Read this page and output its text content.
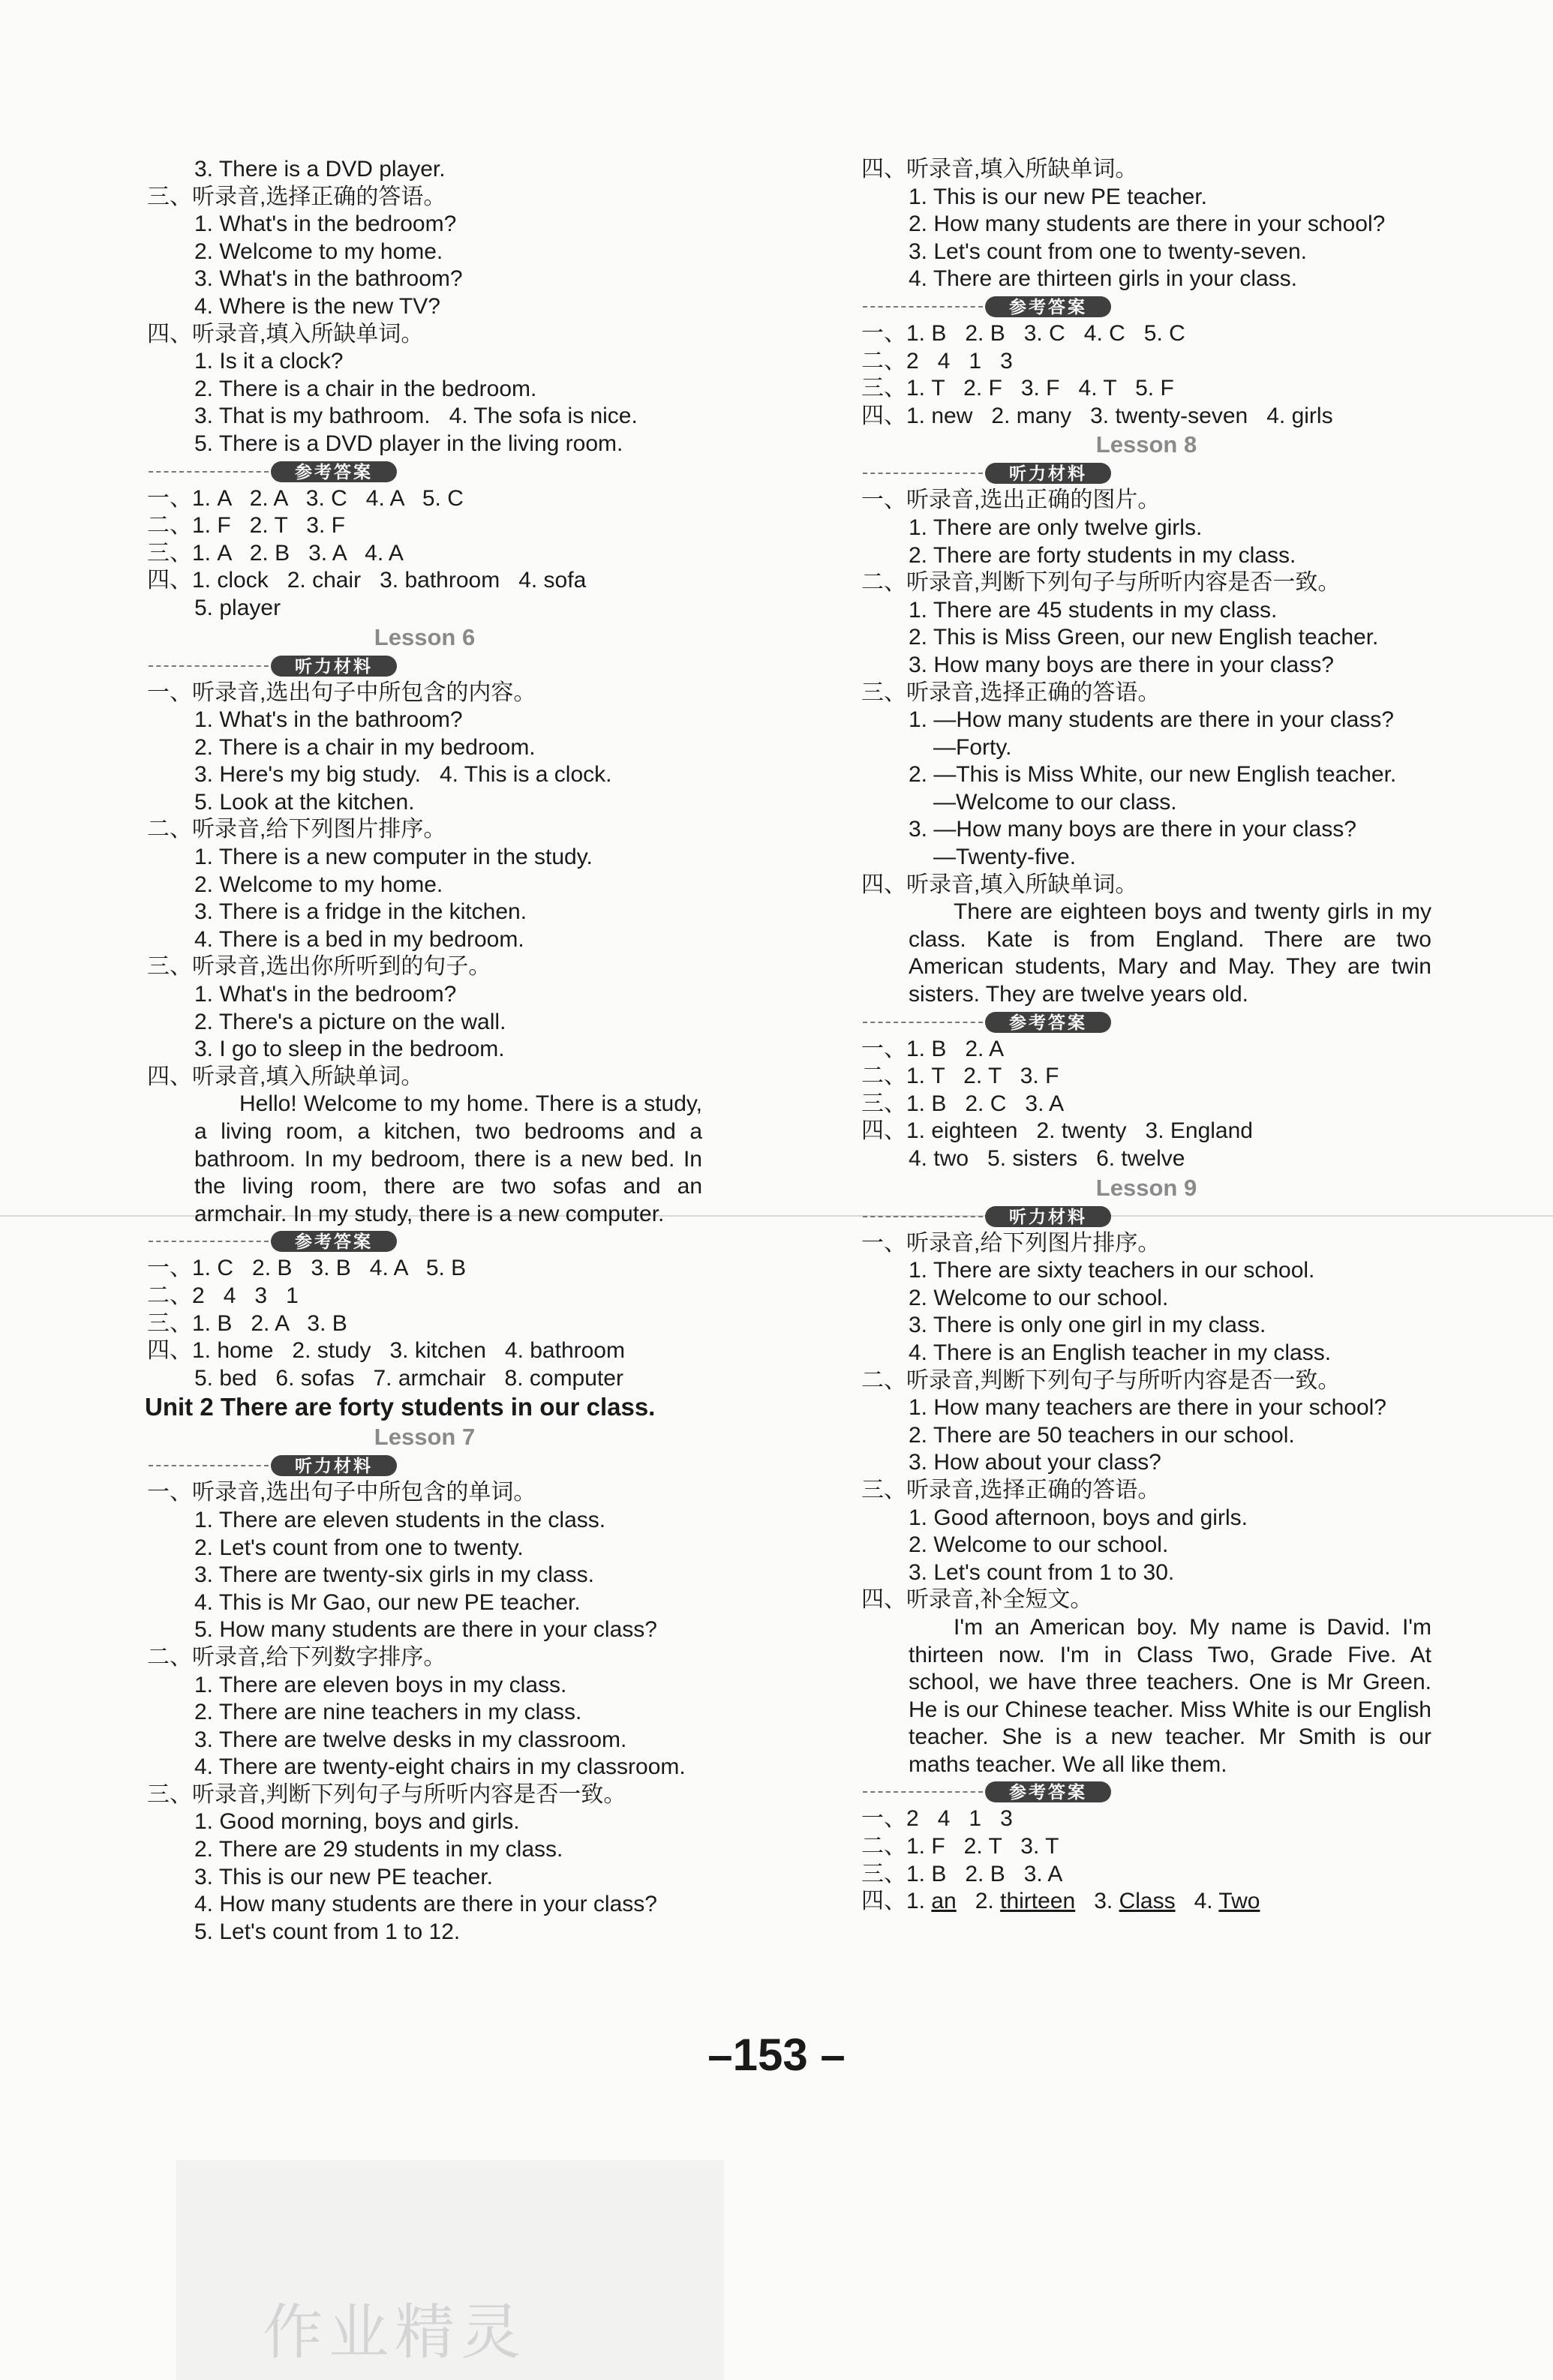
3. There is a DVD player.
三、听录音,选择正确的答语。
1. What's in the bedroom?
2. Welcome to my home.
3. What's in the bathroom?
4. Where is the new TV?
四、听录音,填入所缺单词。
1. Is it a clock?
2. There is a chair in the bedroom.
3. That is my bathroom.   4. The sofa is nice.
5. There is a DVD player in the living room.
参考答案
一、1. A   2. A   3. C   4. A   5. C
二、1. F   2. T   3. F
三、1. A   2. B   3. A   4. A
四、1. clock   2. chair   3. bathroom   4. sofa
5. player
Lesson 6
听力材料
一、听录音,选出句子中所包含的内容。
1. What's in the bathroom?
2. There is a chair in my bedroom.
3. Here's my big study.   4. This is a clock.
5. Look at the kitchen.
二、听录音,给下列图片排序。
1. There is a new computer in the study.
2. Welcome to my home.
3. There is a fridge in the kitchen.
4. There is a bed in my bedroom.
三、听录音,选出你所听到的句子。
1. What's in the bedroom?
2. There's a picture on the wall.
3. I go to sleep in the bedroom.
四、听录音,填入所缺单词。
Hello! Welcome to my home. There is a study, a living room, a kitchen, two bedrooms and a bathroom. In my bedroom, there is a new bed. In the living room, there are two sofas and an armchair. In my study, there is a new computer.
参考答案
一、1. C   2. B   3. B   4. A   5. B
二、2   4   3   1
三、1. B   2. A   3. B
四、1. home   2. study   3. kitchen   4. bathroom
5. bed   6. sofas   7. armchair   8. computer
Unit 2 There are forty students in our class.
Lesson 7
听力材料
一、听录音,选出句子中所包含的单词。
1. There are eleven students in the class.
2. Let's count from one to twenty.
3. There are twenty-six girls in my class.
4. This is Mr Gao, our new PE teacher.
5. How many students are there in your class?
二、听录音,给下列数字排序。
1. There are eleven boys in my class.
2. There are nine teachers in my class.
3. There are twelve desks in my classroom.
4. There are twenty-eight chairs in my classroom.
三、听录音,判断下列句子与所听内容是否一致。
1. Good morning, boys and girls.
2. There are 29 students in my class.
3. This is our new PE teacher.
4. How many students are there in your class?
5. Let's count from 1 to 12.
四、听录音,填入所缺单词。
1. This is our new PE teacher.
2. How many students are there in your school?
3. Let's count from one to twenty-seven.
4. There are thirteen girls in your class.
参考答案
一、1. B   2. B   3. C   4. C   5. C
二、2   4   1   3
三、1. T   2. F   3. F   4. T   5. F
四、1. new   2. many   3. twenty-seven   4. girls
Lesson 8
听力材料
一、听录音,选出正确的图片。
1. There are only twelve girls.
2. There are forty students in my class.
二、听录音,判断下列句子与所听内容是否一致。
1. There are 45 students in my class.
2. This is Miss Green, our new English teacher.
3. How many boys are there in your class?
三、听录音,选择正确的答语。
1. —How many students are there in your class?
—Forty.
2. —This is Miss White, our new English teacher.
—Welcome to our class.
3. —How many boys are there in your class?
—Twenty-five.
四、听录音,填入所缺单词。
There are eighteen boys and twenty girls in my class. Kate is from England. There are two American students, Mary and May. They are twin sisters. They are twelve years old.
参考答案
一、1. B   2. A
二、1. T   2. T   3. F
三、1. B   2. C   3. A
四、1. eighteen   2. twenty   3. England
4. two   5. sisters   6. twelve
Lesson 9
听力材料
一、听录音,给下列图片排序。
1. There are sixty teachers in our school.
2. Welcome to our school.
3. There is only one girl in my class.
4. There is an English teacher in my class.
二、听录音,判断下列句子与所听内容是否一致。
1. How many teachers are there in your school?
2. There are 50 teachers in our school.
3. How about your class?
三、听录音,选择正确的答语。
1. Good afternoon, boys and girls.
2. Welcome to our school.
3. Let's count from 1 to 30.
四、听录音,补全短文。
I'm an American boy. My name is David. I'm thirteen now. I'm in Class Two, Grade Five. At school, we have three teachers. One is Mr Green. He is our Chinese teacher. Miss White is our English teacher. She is a new teacher. Mr Smith is our maths teacher. We all like them.
参考答案
一、2   4   1   3
二、1. F   2. T   3. T
三、1. B   2. B   3. A
四、1. an 2. thirteen 3. Class 4. Two
–153 –
作业精灵
